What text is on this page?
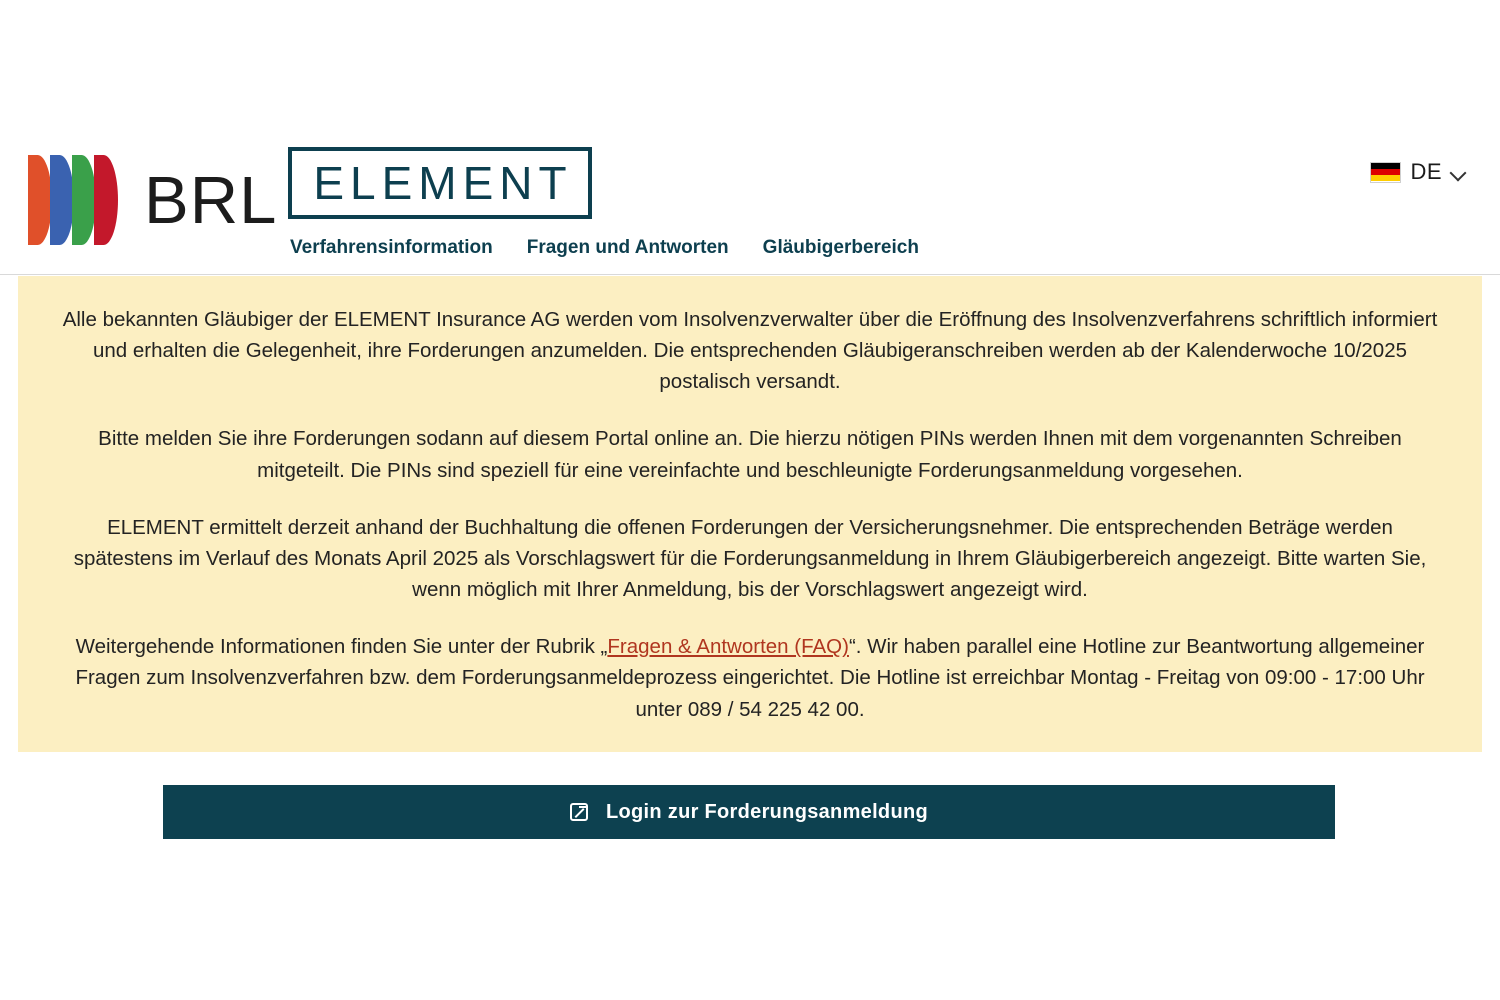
BRL ELEMENT
Verfahrensinformation Fragen und Antworten Gläubigerbereich
DE

Alle bekannten Gläubiger der ELEMENT Insurance AG werden vom Insolvenzverwalter über die Eröffnung des Insolvenzverfahrens schriftlich informiert und erhalten die Gelegenheit, ihre Forderungen anzumelden. Die entsprechenden Gläubigeranschreiben werden ab der Kalenderwoche 10/2025 postalisch versandt.

Bitte melden Sie ihre Forderungen sodann auf diesem Portal online an. Die hierzu nötigen PINs werden Ihnen mit dem vorgenannten Schreiben mitgeteilt. Die PINs sind speziell für eine vereinfachte und beschleunigte Forderungsanmeldung vorgesehen.

ELEMENT ermittelt derzeit anhand der Buchhaltung die offenen Forderungen der Versicherungsnehmer. Die entsprechenden Beträge werden spätestens im Verlauf des Monats April 2025 als Vorschlagswert für die Forderungsanmeldung in Ihrem Gläubigerbereich angezeigt. Bitte warten Sie, wenn möglich mit Ihrer Anmeldung, bis der Vorschlagswert angezeigt wird.

Weitergehende Informationen finden Sie unter der Rubrik „Fragen & Antworten (FAQ)“. Wir haben parallel eine Hotline zur Beantwortung allgemeiner Fragen zum Insolvenzverfahren bzw. dem Forderungsanmeldeprozess eingerichtet. Die Hotline ist erreichbar Montag - Freitag von 09:00 - 17:00 Uhr unter 089 / 54 225 42 00.

Login zur Forderungsanmeldung
